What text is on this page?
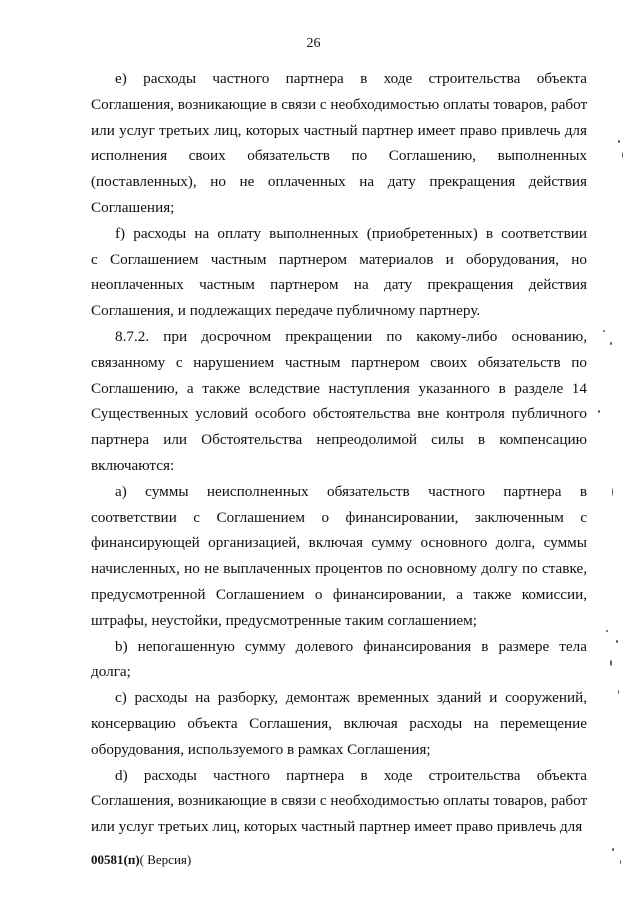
26

e) расходы частного партнера в ходе строительства объекта
Соглашения, возникающие в связи с необходимостью оплаты товаров, работ
или услуг третьих лиц, которых частный партнер имеет право привлечь для
исполнения своих обязательств по Соглашению, выполненных
(поставленных), но не оплаченных на дату прекращения действия
Соглашения;

f) расходы на оплату выполненных (приобретенных) в соответствии
с Соглашением частным партнером материалов и оборудования, но
неоплаченных частным партнером на дату прекращения действия
Соглашения, и подлежащих передаче публичному партнеру.

8.7.2. при досрочном прекращении по какому-либо основанию,
связанному с нарушением частным партнером своих обязательств по
Соглашению, а также вследствие наступления указанного в разделе 14
Существенных условий особого обстоятельства вне контроля публичного
партнера или Обстоятельства непреодолимой силы в компенсацию
включаются:

a) суммы неисполненных обязательств частного партнера в
соответствии с Соглашением о финансировании, заключенным с
финансирующей организацией, включая сумму основного долга, суммы
начисленных, но не выплаченных процентов по основному долгу по ставке,
предусмотренной Соглашением о финансировании, а также комиссии,
штрафы, неустойки, предусмотренные таким соглашением;

b) непогашенную сумму долевого финансирования в размере тела
долга;

c) расходы на разборку, демонтаж временных зданий и сооружений,
консервацию объекта Соглашения, включая расходы на перемещение
оборудования, используемого в рамках Соглашения;

d) расходы частного партнера в ходе строительства объекта
Соглашения, возникающие в связи с необходимостью оплаты товаров, работ
или услуг третьих лиц, которых частный партнер имеет право привлечь для

00581(п)( Версия)
